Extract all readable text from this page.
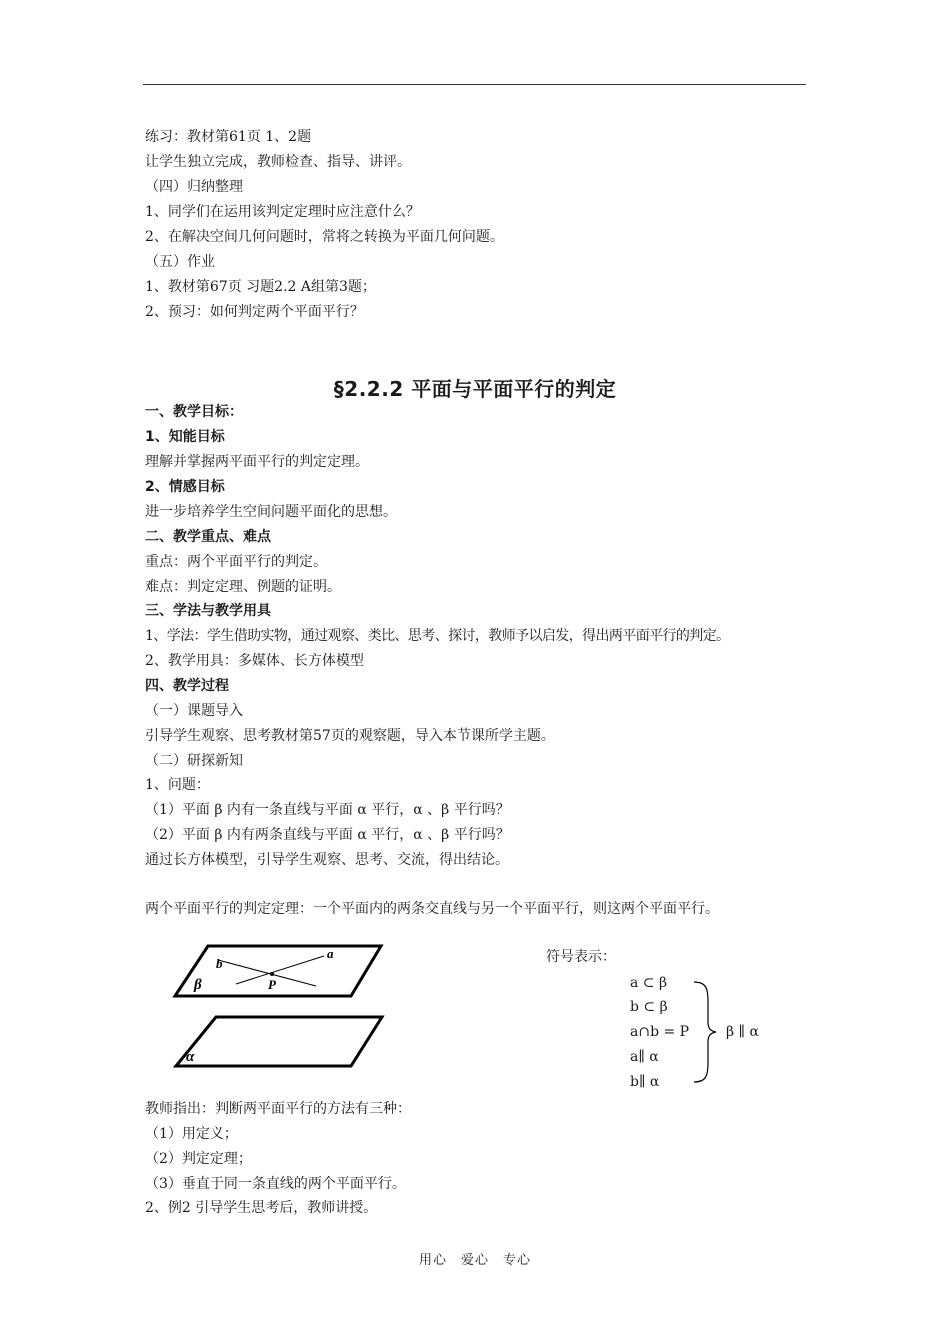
练习：教材第61页 1、2题
让学生独立完成，教师检查、指导、讲评。
（四）归纳整理
1、同学们在运用该判定定理时应注意什么？
2、在解决空间几何问题时，常将之转换为平面几何问题。
（五）作业
1、教材第67页 习题2.2 A组第3题；
2、预习：如何判定两个平面平行？
§2.2.2 平面与平面平行的判定
一、教学目标：
1、知能目标
理解并掌握两平面平行的判定定理。
2、情感目标
进一步培养学生空间问题平面化的思想。
二、教学重点、难点
重点：两个平面平行的判定。
难点：判定定理、例题的证明。
三、学法与教学用具
1、学法：学生借助实物，通过观察、类比、思考、探讨，教师予以启发，得出两平面平行的判定。
2、教学用具：多媒体、长方体模型
四、教学过程
（一）课题导入
引导学生观察、思考教材第57页的观察题，导入本节课所学主题。
（二）研探新知
1、问题：
（1）平面 β 内有一条直线与平面 α 平行，α 、β 平行吗？
（2）平面 β 内有两条直线与平面 α 平行，α 、β 平行吗？
通过长方体模型，引导学生观察、思考、交流，得出结论。
两个平面平行的判定定理：一个平面内的两条交直线与另一个平面平行，则这两个平面平行。
β
b
a
P
α
符号表示：
a ⊂ β
b ⊂ β
a∩b = P
a∥ α
b∥ α
β ∥ α
教师指出：判断两平面平行的方法有三种：
（1）用定义；
（2）判定定理；
（3）垂直于同一条直线的两个平面平行。
2、例2 引导学生思考后，教师讲授。
用心　爱心　专心
